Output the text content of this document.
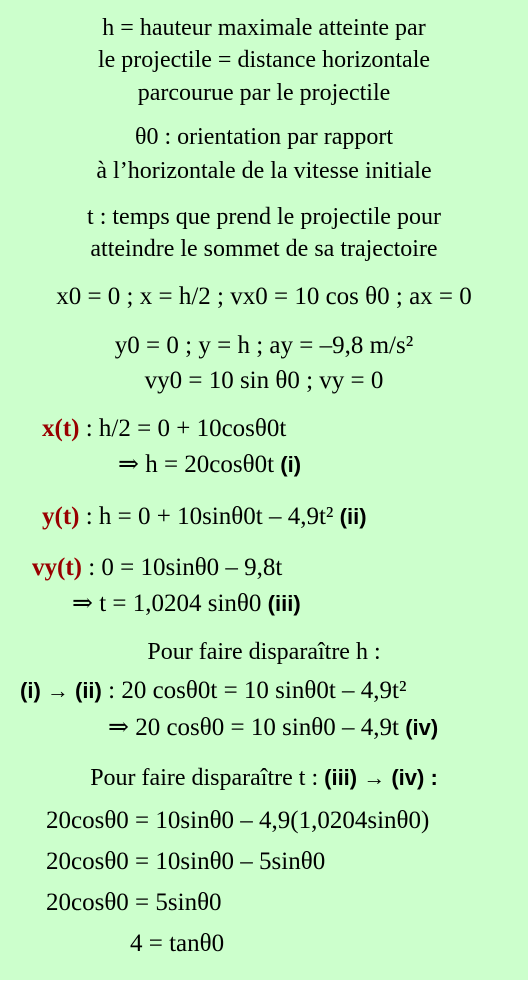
h = hauteur maximale atteinte par
le projectile = distance horizontale
parcourue par le projectile
θ0 : orientation par rapport
à l’horizontale de la vitesse initiale
t : temps que prend le projectile pour
atteindre le sommet de sa trajectoire
x0 = 0 ; x = h/2 ; vx0 = 10 cos θ0 ; ax = 0
y0 = 0 ; y = h ; ay = –9,8 m/s²
vy0 = 10 sin θ0 ; vy = 0
x(t) : h/2 = 0 + 10cosθ0t
⇒ h = 20cosθ0t (i)
y(t) : h = 0 + 10sinθ0t – 4,9t² (ii)
vy(t) : 0 = 10sinθ0 – 9,8t
⇒ t = 1,0204 sinθ0 (iii)
Pour faire disparaître h :
(i) → (ii) : 20 cosθ0t = 10 sinθ0t – 4,9t²
⇒ 20 cosθ0 = 10 sinθ0 – 4,9t (iv)
Pour faire disparaître t : (iii) → (iv) :
20cosθ0 = 10sinθ0 – 4,9(1,0204sinθ0)
20cosθ0 = 10sinθ0 – 5sinθ0
20cosθ0 = 5sinθ0
4 = tanθ0
